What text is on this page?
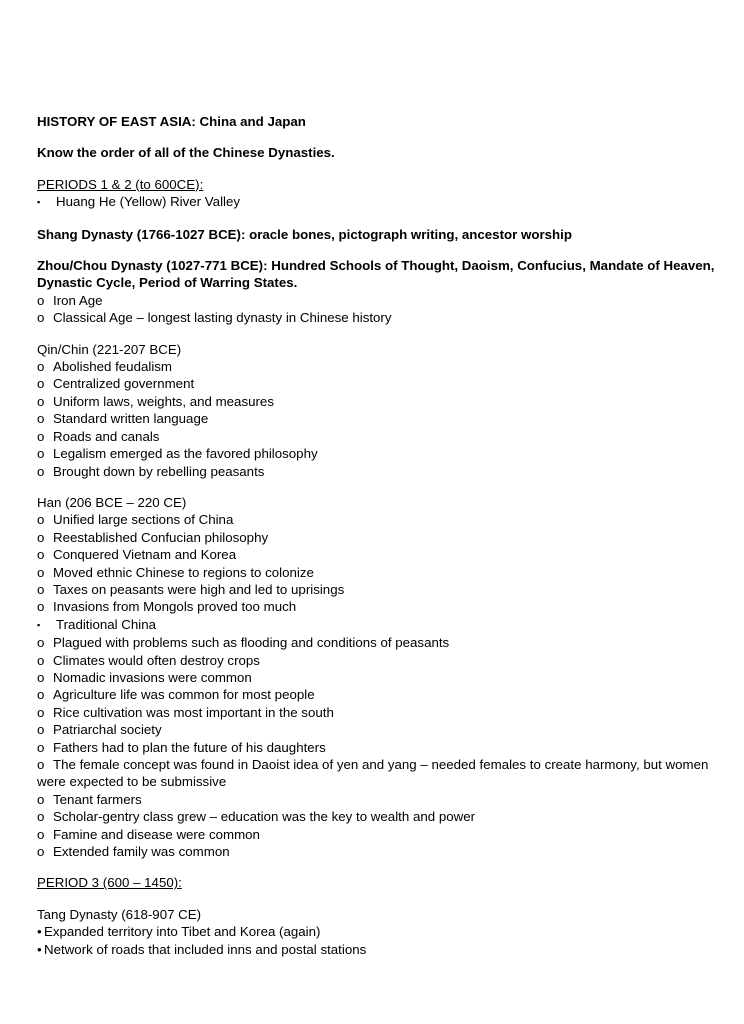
HISTORY OF EAST ASIA: China and Japan
Know the order of all of the Chinese Dynasties.
PERIODS 1 & 2 (to 600CE):
▪ Huang He (Yellow) River Valley
Shang Dynasty (1766-1027 BCE): oracle bones, pictograph writing, ancestor worship
Zhou/Chou Dynasty (1027-771 BCE): Hundred Schools of Thought, Daoism, Confucius, Mandate of Heaven, Dynastic Cycle, Period of Warring States.
o Iron Age
o Classical Age – longest lasting dynasty in Chinese history
Qin/Chin (221-207 BCE)
o Abolished feudalism
o Centralized government
o Uniform laws, weights, and measures
o Standard written language
o Roads and canals
o Legalism emerged as the favored philosophy
o Brought down by rebelling peasants
Han (206 BCE – 220 CE)
o Unified large sections of China
o Reestablished Confucian philosophy
o Conquered Vietnam and Korea
o Moved ethnic Chinese to regions to colonize
o Taxes on peasants were high and led to uprisings
o Invasions from Mongols proved too much
▪ Traditional China
o Plagued with problems such as flooding and conditions of peasants
o Climates would often destroy crops
o Nomadic invasions were common
o Agriculture life was common for most people
o Rice cultivation was most important in the south
o Patriarchal society
o Fathers had to plan the future of his daughters
o The female concept was found in Daoist idea of yen and yang – needed females to create harmony, but women were expected to be submissive
o Tenant farmers
o Scholar-gentry class grew – education was the key to wealth and power
o Famine and disease were common
o Extended family was common
PERIOD 3 (600 – 1450):
Tang Dynasty (618-907 CE)
• Expanded territory into Tibet and Korea (again)
• Network of roads that included inns and postal stations
